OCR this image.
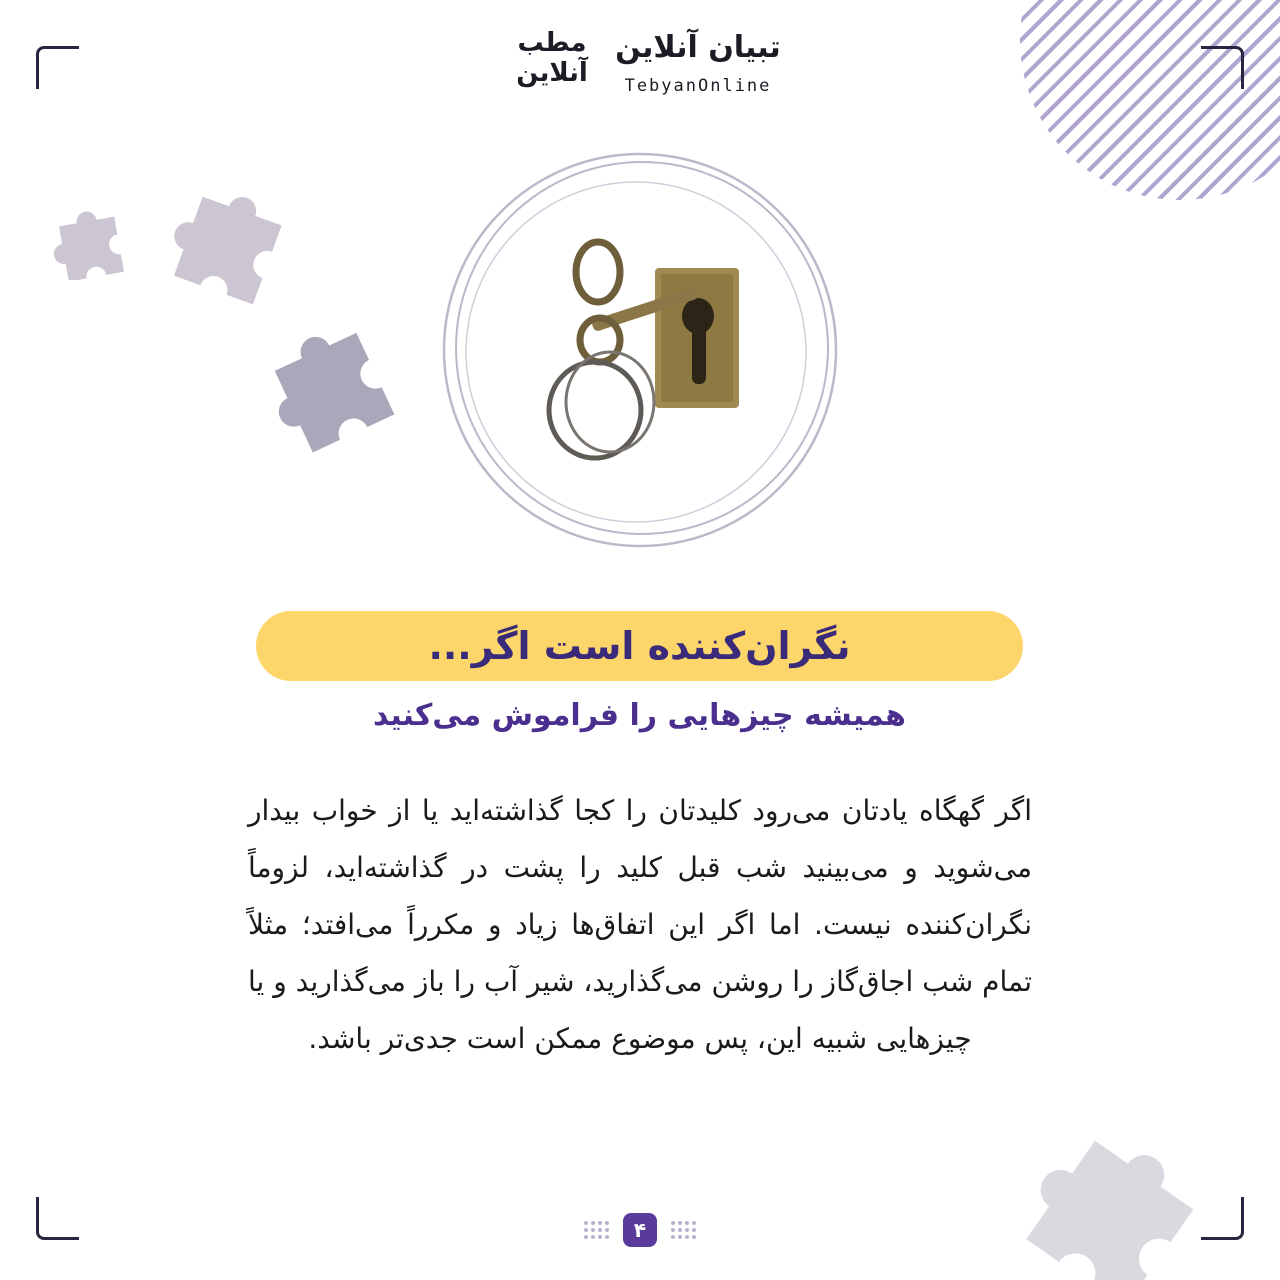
مطب آنلاین
تبیان آنلاین
TebyanOnline
نگران‌کننده است اگر...
همیشه چیزهایی را فراموش می‌کنید
اگر گهگاه یادتان می‌رود کلیدتان را کجا گذاشته‌اید یا از خواب بیدار می‌شوید و می‌بینید شب قبل کلید را پشت در گذاشته‌اید، لزوماً نگران‌کننده نیست. اما اگر این اتفاق‌ها زیاد و مکرراً می‌افتد؛ مثلاً تمام شب اجاق‌گاز را روشن می‌گذارید، شیر آب را باز می‌گذارید و یا چیزهایی شبیه این، پس موضوع ممکن است جدی‌تر باشد.
۴
